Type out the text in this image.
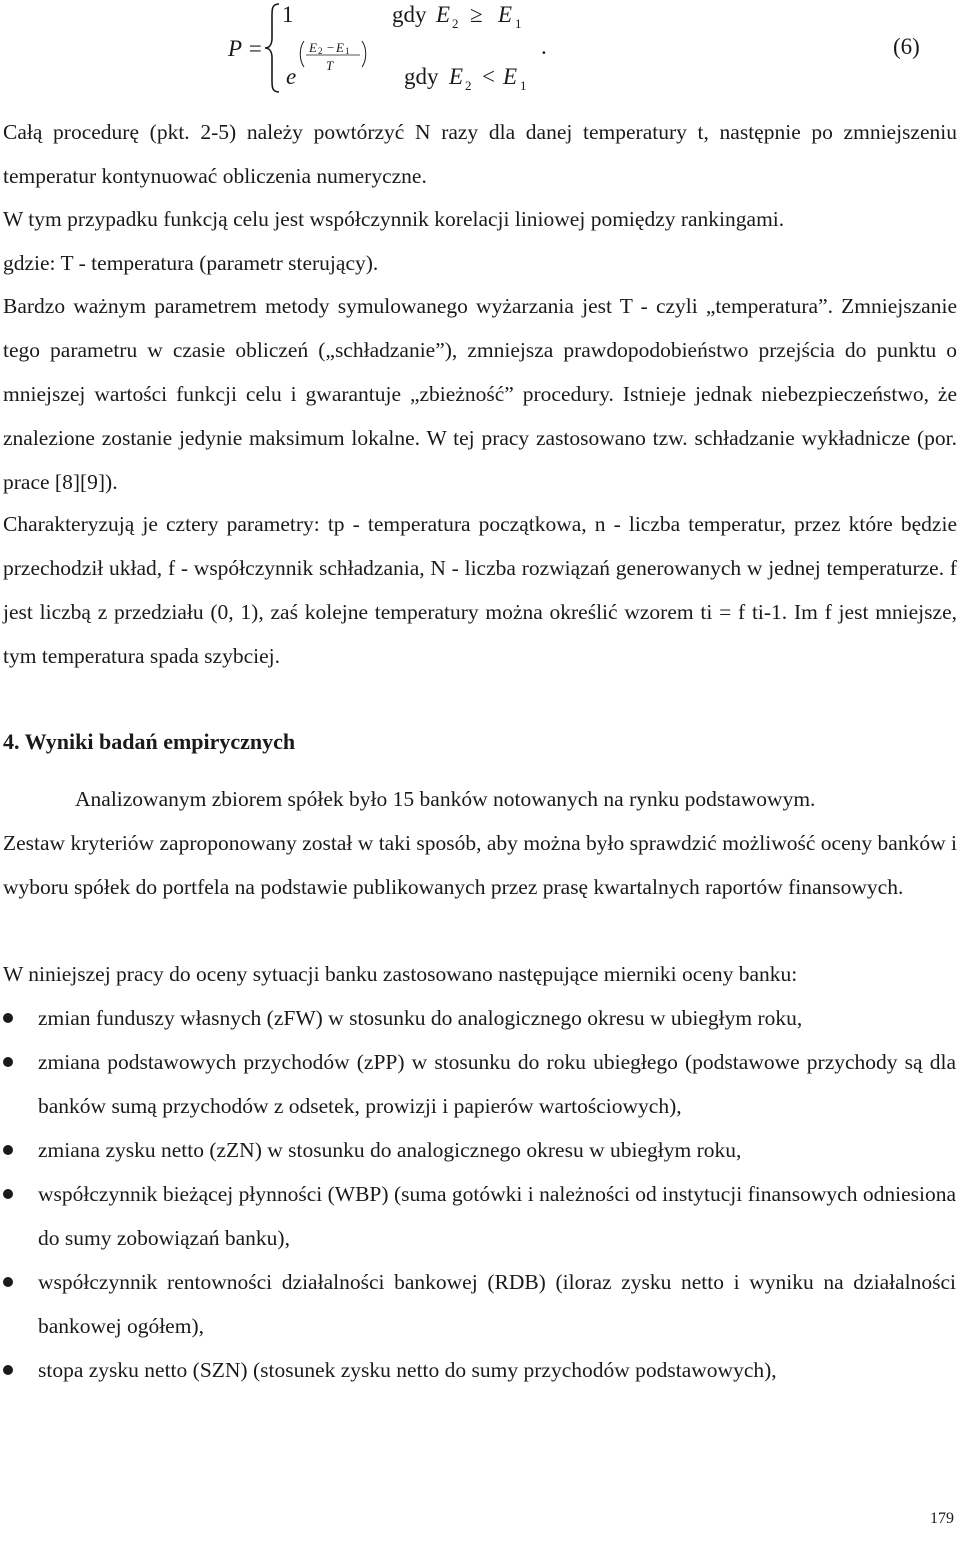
P =
1	gdy E 2 ≥ E 1
.
e
E 2 − E 1
T	gdy E 2 < E 1
(6)

Całą procedurę (pkt. 2-5) należy powtórzyć N razy dla danej temperatury t, następnie po zmniejszeniu temperatur kontynuować obliczenia numeryczne.

W tym przypadku funkcją celu jest współczynnik korelacji liniowej pomiędzy rankingami.

gdzie: T - temperatura (parametr sterujący).

Bardzo ważnym parametrem metody symulowanego wyżarzania jest T - czyli „temperatura”. Zmniejszanie tego parametru w czasie obliczeń („schładzanie”), zmniejsza prawdopodobieństwo przejścia do punktu o mniejszej wartości funkcji celu i gwarantuje „zbieżność” procedury. Istnieje jednak niebezpieczeństwo, że znalezione zostanie jedynie maksimum lokalne. W tej pracy zastosowano tzw. schładzanie wykładnicze (por. prace [8][9]).

Charakteryzują je cztery parametry: tp - temperatura początkowa, n - liczba temperatur, przez które będzie przechodził układ, f - współczynnik schładzania, N - liczba rozwiązań generowanych w jednej temperaturze. f jest liczbą z przedziału (0, 1), zaś kolejne temperatury można określić wzorem ti = f ti-1. Im f jest mniejsze, tym temperatura spada szybciej.

4. Wyniki badań empirycznych

Analizowanym zbiorem spółek było 15 banków notowanych na rynku podstawowym.

Zestaw kryteriów zaproponowany został w taki sposób, aby można było sprawdzić możliwość oceny banków i wyboru spółek do portfela na podstawie publikowanych przez prasę kwartalnych raportów finansowych.

W niniejszej pracy do oceny sytuacji banku zastosowano następujące mierniki oceny banku:

zmian funduszy własnych (zFW) w stosunku do analogicznego okresu w ubiegłym roku,
zmiana podstawowych przychodów (zPP) w stosunku do roku ubiegłego (podstawowe przychody są dla banków sumą przychodów z odsetek, prowizji i papierów wartościowych),
zmiana zysku netto (zZN) w stosunku do analogicznego okresu w ubiegłym roku,
współczynnik bieżącej płynności (WBP) (suma gotówki i należności od instytucji finansowych odniesiona do sumy zobowiązań banku),
współczynnik rentowności działalności bankowej (RDB) (iloraz zysku netto i wyniku na działalności bankowej ogółem),
stopa zysku netto (SZN) (stosunek zysku netto do sumy przychodów podstawowych),
179
